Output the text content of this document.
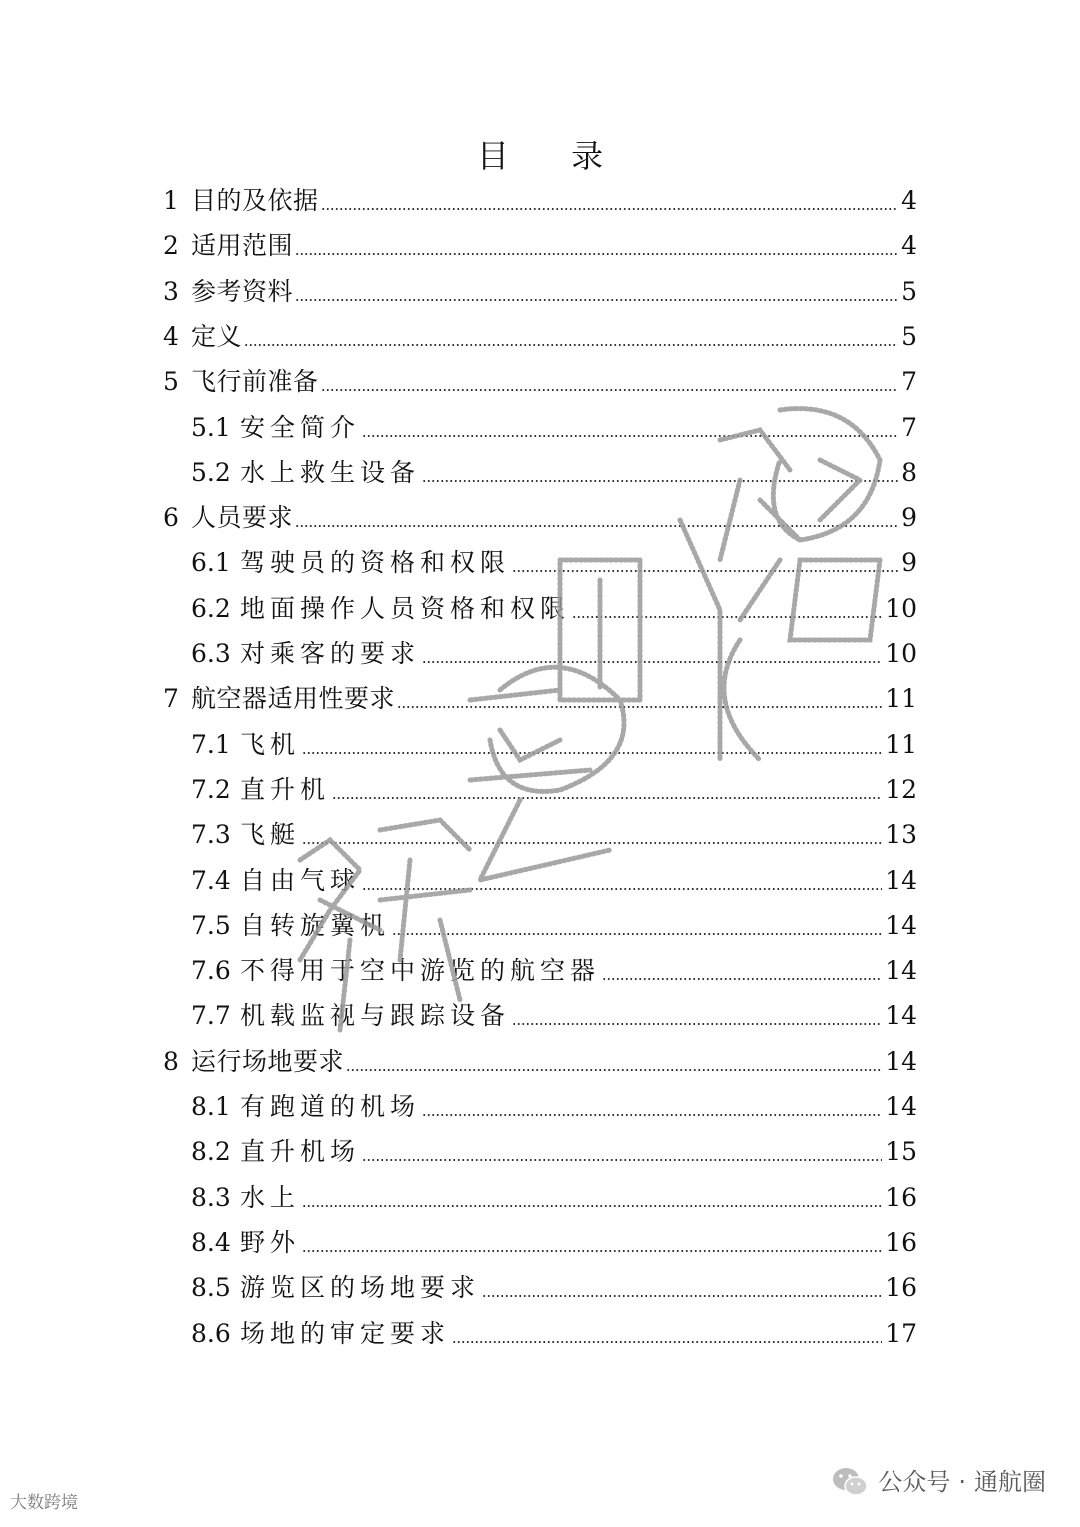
目 录
1 目的及依据	4
2 适用范围	4
3 参考资料	5
4 定义	5
5 飞行前准备	7
5.1 安全简介	7
5.2 水上救生设备	8
6 人员要求	9
6.1 驾驶员的资格和权限	9
6.2 地面操作人员资格和权限	10
6.3 对乘客的要求	10
7 航空器适用性要求	11
7.1 飞机	11
7.2 直升机	12
7.3 飞艇	13
7.4 自由气球	14
7.5 自转旋翼机	14
7.6 不得用于空中游览的航空器	14
7.7 机载监视与跟踪设备	14
8 运行场地要求	14
8.1 有跑道的机场	14
8.2 直升机场	15
8.3 水上	16
8.4 野外	16
8.5 游览区的场地要求	16
8.6 场地的审定要求	17
大数跨境
公众号 · 通航圈
